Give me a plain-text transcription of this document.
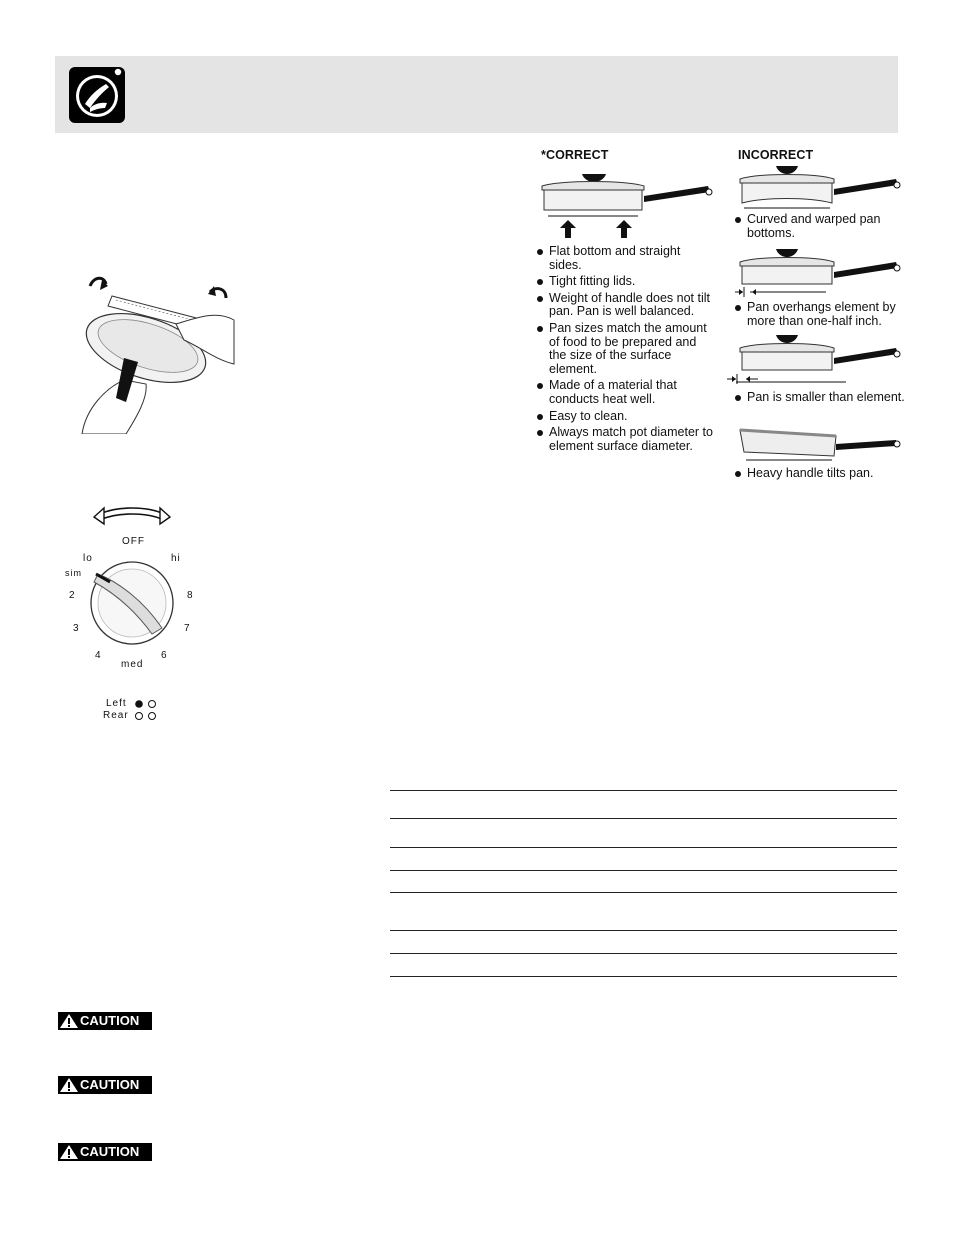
OFF
lo	hi
sim
2	8
3	7
4	6
med
Left
Rear
*CORRECT
Flat bottom and straight sides.
Tight fitting lids.
Weight of handle does not tilt pan. Pan is well balanced.
Pan sizes match the amount of food to be prepared and the size of the surface element.
Made of a material that conducts heat well.
Easy to clean.
Always match pot diameter to element surface diameter.
INCORRECT
Curved and warped pan bottoms.
Pan overhangs element by more than one-half inch.
Pan is smaller than element.
Heavy handle tilts pan.
CAUTION
CAUTION
CAUTION
